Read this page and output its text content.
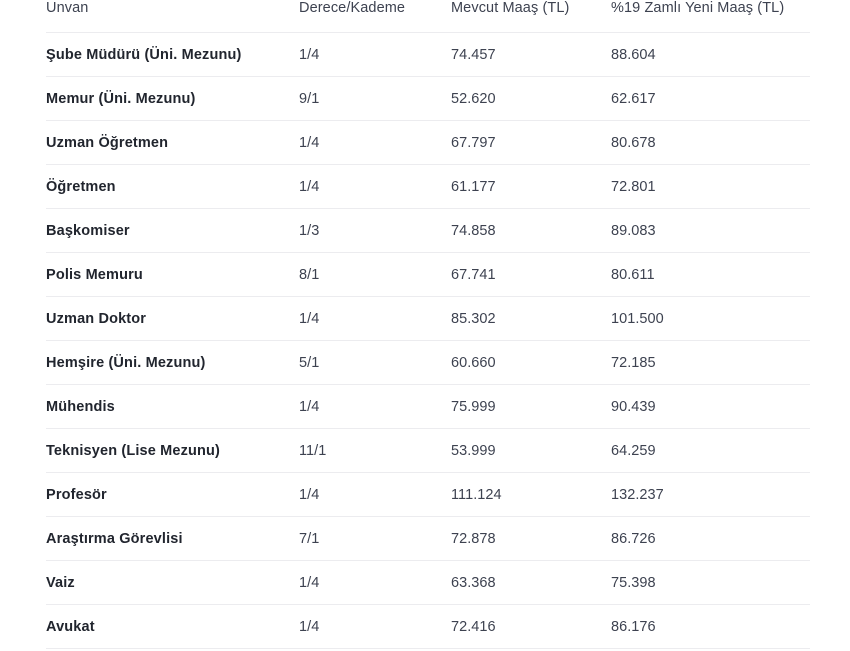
Unvan	Derece/Kademe	Mevcut Maaş (TL)	%19 Zamlı Yeni Maaş (TL)
Şube Müdürü (Üni. Mezunu)	1/4	74.457	88.604
Memur (Üni. Mezunu)	9/1	52.620	62.617
Uzman Öğretmen	1/4	67.797	80.678
Öğretmen	1/4	61.177	72.801
Başkomiser	1/3	74.858	89.083
Polis Memuru	8/1	67.741	80.611
Uzman Doktor	1/4	85.302	101.500
Hemşire (Üni. Mezunu)	5/1	60.660	72.185
Mühendis	1/4	75.999	90.439
Teknisyen (Lise Mezunu)	11/1	53.999	64.259
Profesör	1/4	111.124	132.237
Araştırma Görevlisi	7/1	72.878	86.726
Vaiz	1/4	63.368	75.398
Avukat	1/4	72.416	86.176
